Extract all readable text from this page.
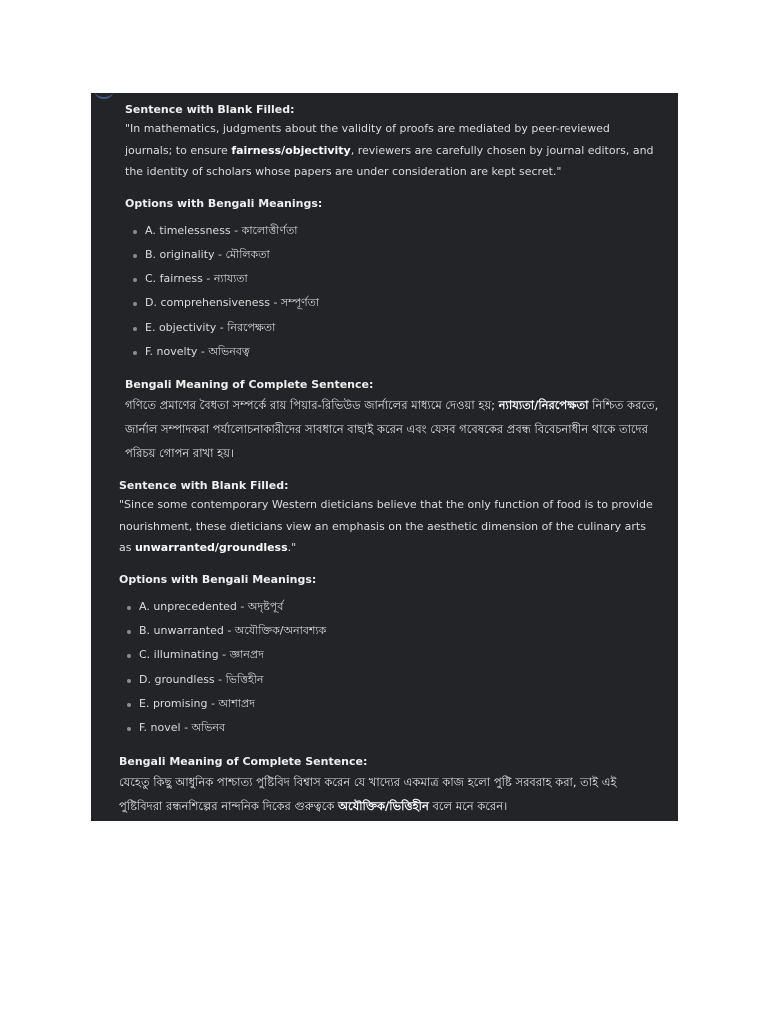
Sentence with Blank Filled:

"In mathematics, judgments about the validity of proofs are mediated by peer-reviewed journals; to ensure fairness/objectivity, reviewers are carefully chosen by journal editors, and the identity of scholars whose papers are under consideration are kept secret."

Options with Bengali Meanings:

A. timelessness - কালোত্তীর্ণতা
B. originality - মৌলিকতা
C. fairness - ন্যায্যতা
D. comprehensiveness - সম্পূর্ণতা
E. objectivity - নিরপেক্ষতা
F. novelty - অভিনবত্ব

Bengali Meaning of Complete Sentence:

গণিতে প্রমাণের বৈধতা সম্পর্কে রায় পিয়ার-রিভিউড জার্নালের মাধ্যমে দেওয়া হয়; ন্যায্যতা/নিরপেক্ষতা নিশ্চিত করতে, জার্নাল সম্পাদকরা পর্যালোচনাকারীদের সাবধানে বাছাই করেন এবং যেসব গবেষকের প্রবন্ধ বিবেচনাধীন থাকে তাদের পরিচয় গোপন রাখা হয়।

Sentence with Blank Filled:

"Since some contemporary Western dieticians believe that the only function of food is to provide nourishment, these dieticians view an emphasis on the aesthetic dimension of the culinary arts as unwarranted/groundless."

Options with Bengali Meanings:

A. unprecedented - অদৃষ্টপূর্ব
B. unwarranted - অযৌক্তিক/অনাবশ্যক
C. illuminating - জ্ঞানপ্রদ
D. groundless - ভিত্তিহীন
E. promising - আশাপ্রদ
F. novel - অভিনব

Bengali Meaning of Complete Sentence:

যেহেতু কিছু আধুনিক পাশ্চাত্য পুষ্টিবিদ বিশ্বাস করেন যে খাদ্যের একমাত্র কাজ হলো পুষ্টি সরবরাহ করা, তাই এই পুষ্টিবিদরা রন্ধনশিল্পের নান্দনিক দিকের গুরুত্বকে অযৌক্তিক/ভিত্তিহীন বলে মনে করেন।
